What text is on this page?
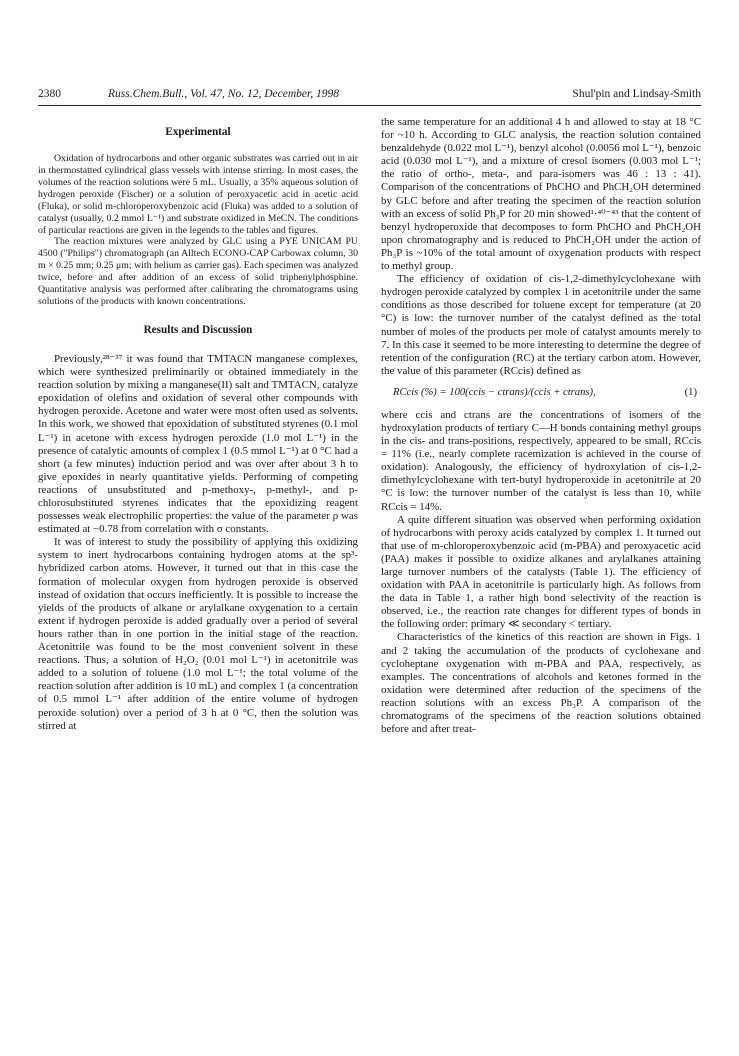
2380	Russ.Chem.Bull., Vol. 47, No. 12, December, 1998	Shul'pin and Lindsay-Smith
Experimental

Oxidation of hydrocarbons and other organic substrates was carried out in air in thermostatted cylindrical glass vessels with intense stirring. In most cases, the volumes of the reaction solutions were 5 mL. Usually, a 35% aqueous solution of hydrogen peroxide (Fischer) or a solution of peroxyacetic acid in acetic acid (Fluka), or solid m-chloroperoxybenzoic acid (Fluka) was added to a solution of catalyst (usually, 0.2 mmol L⁻¹) and substrate oxidized in MeCN. The conditions of particular reactions are given in the legends to the tables and figures.

The reaction mixtures were analyzed by GLC using a PYE UNICAM PU 4500 ("Philips") chromatograph (an Alltech ECONO-CAP Carbowax column, 30 m × 0.25 mm; 0.25 μm; with helium as carrier gas). Each specimen was analyzed twice, before and after addition of an excess of solid triphenylphosphine. Quantitative analysis was performed after calibrating the chromatograms using solutions of the products with known concentrations.

Results and Discussion

Previously,²⁸⁻³⁷ it was found that TMTACN manganese complexes, which were synthesized preliminarily or obtained immediately in the reaction solution by mixing a manganese(II) salt and TMTACN, catalyze epoxidation of olefins and oxidation of several other compounds with hydrogen peroxide. Acetone and water were most often used as solvents. In this work, we showed that epoxidation of substituted styrenes (0.1 mol L⁻¹) in acetone with excess hydrogen peroxide (1.0 mol L⁻¹) in the presence of catalytic amounts of complex 1 (0.5 mmol L⁻¹) at 0 °C had a short (a few minutes) induction period and was over after about 3 h to give epoxides in nearly quantitative yields. Performing of competing reactions of unsubstituted and p-methoxy-, p-methyl-, and p-chlorosubstituted styrenes indicates that the epoxidizing reagent possesses weak electrophilic properties: the value of the parameter ρ was estimated at −0.78 from correlation with σ constants.

It was of interest to study the possibility of applying this oxidizing system to inert hydrocarbons containing hydrogen atoms at the sp³-hybridized carbon atoms. However, it turned out that in this case the formation of molecular oxygen from hydrogen peroxide is observed instead of oxidation that occurs inefficiently. It is possible to increase the yields of the products of alkane or arylalkane oxygenation to a certain extent if hydrogen peroxide is added gradually over a period of several hours rather than in one portion in the initial stage of the reaction. Acetonitrile was found to be the most convenient solvent in these reactions. Thus, a solution of H₂O₂ (0.01 mol L⁻¹) in acetonitrile was added to a solution of toluene (1.0 mol L⁻¹; the total volume of the reaction solution after addition is 10 mL) and complex 1 (a concentration of 0.5 mmol L⁻¹ after addition of the entire volume of hydrogen peroxide solution) over a period of 3 h at 0 °C, then the solution was stirred at

the same temperature for an additional 4 h and allowed to stay at 18 °C for ~10 h. According to GLC analysis, the reaction solution contained benzaldehyde (0.022 mol L⁻¹), benzyl alcohol (0.0056 mol L⁻¹), benzoic acid (0.030 mol L⁻¹), and a mixture of cresol isomers (0.003 mol L⁻¹; the ratio of ortho-, meta-, and para-isomers was 46 : 13 : 41). Comparison of the concentrations of PhCHO and PhCH₂OH determined by GLC before and after treating the specimen of the reaction solution with an excess of solid Ph₃P for 20 min showed¹·⁴⁰⁻⁴³ that the content of benzyl hydroperoxide that decomposes to form PhCHO and PhCH₂OH upon chromatography and is reduced to PhCH₂OH under the action of Ph₃P is ~10% of the total amount of oxygenation products with respect to methyl group.

The efficiency of oxidation of cis-1,2-dimethylcyclohexane with hydrogen peroxide catalyzed by complex 1 in acetonitrile under the same conditions as those described for toluene except for temperature (at 20 °C) is low: the turnover number of the catalyst defined as the total number of moles of the products per mole of catalyst amounts merely to 7. In this case it seemed to be more interesting to determine the degree of retention of the configuration (RC) at the tertiary carbon atom. However, the value of this parameter (RCcis) defined as

RCcis (%) = 100(ccis − ctrans)/(ccis + ctrans),	(1)

where ccis and ctrans are the concentrations of isomers of the hydroxylation products of tertiary C—H bonds containing methyl groups in the cis- and trans-positions, respectively, appeared to be small, RCcis = 11% (i.e., nearly complete racemization is achieved in the course of oxidation). Analogously, the efficiency of hydroxylation of cis-1,2-dimethylcyclohexane with tert-butyl hydroperoxide in acetonitrile at 20 °C is low: the turnover number of the catalyst is less than 10, while RCcis = 14%.

A quite different situation was observed when performing oxidation of hydrocarbons with peroxy acids catalyzed by complex 1. It turned out that use of m-chloroperoxybenzoic acid (m-PBA) and peroxyacetic acid (PAA) makes it possible to oxidize alkanes and arylalkanes attaining large turnover numbers of the catalysts (Table 1). The efficiency of oxidation with PAA in acetonitrile is particularly high. As follows from the data in Table 1, a rather high bond selectivity of the reaction is observed, i.e., the reaction rate changes for different types of bonds in the following order: primary ≪ secondary < tertiary.

Characteristics of the kinetics of this reaction are shown in Figs. 1 and 2 taking the accumulation of the products of cyclohexane and cycloheptane oxygenation with m-PBA and PAA, respectively, as examples. The concentrations of alcohols and ketones formed in the oxidation were determined after reduction of the specimens of the reaction solutions with an excess Ph₃P. A comparison of the chromatograms of the specimens of the reaction solutions obtained before and after treat-
